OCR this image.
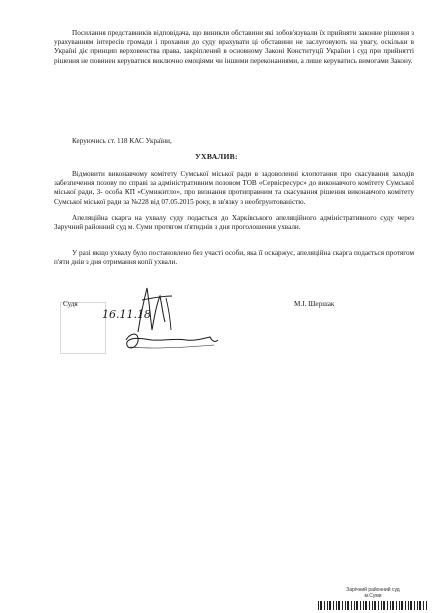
Посилання представників відповідача, що виникли обставини які зобов'язували їх прийняти законне рішення з урахуванням інтересів громади і прохання до суду врахувати ці обставини не заслуговують на увагу, оскільки в Україні діє принцип верховенства права, закріплений в основному Законі Конституції України і суд при прийнятті рішення не повинен керуватися виключно емоціями чи іншими переконаннями, а лише керуватись вимогами Закону.

Керуючись ст. 118 КАС України,

УХВАЛИВ:

Відмовити виконавчому комітету Сумської міської ради в задоволенні клопотання про скасування заходів забезпечення позову по справі за адміністративним позовом ТОВ «Сервісресурс» до виконавчого комітету Сумської міської ради, 3- особа КП «Сумижитло», про визнання протиправним та скасування рішення виконавчого комітету Сумської міської ради за №228 від 07.05.2015 року, в зв'язку з необгрунтованістю.

Апеляційна скарга на ухвалу суду подається до Харківського апеляційного адміністративного суду через Заручний районний суд м. Суми протягом п'ятиднів з дня проголошення ухвали.

У разі якщо ухвалу було постановлено без участі особи, яка її оскаржує, апеляційна скарга подається протягом п'яти днів з дня отримання копії ухвали.

Судя	М.І. Шершак

16.11.18
Зарічний районний суд
м.Суми
